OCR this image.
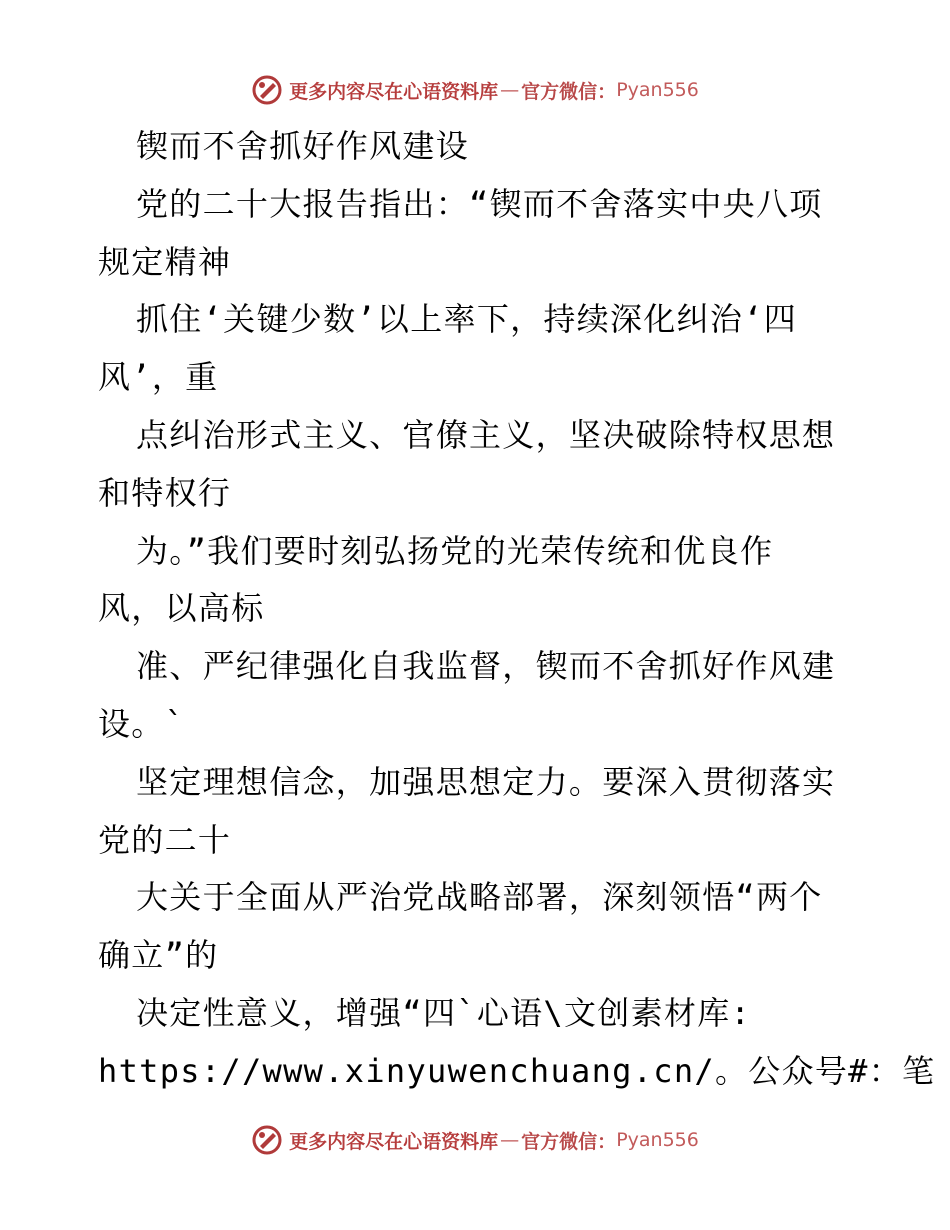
更多内容尽在心语资料库 — 官方微信： Pyan556
锲而不舍抓好作风建设
党的二十大报告指出：“锲而不舍落实中央八项
规定精神
抓住‘关键少数’以上率下，持续深化纠治‘四
风’，重
点纠治形式主义、官僚主义，坚决破除特权思想
和特权行
为。”我们要时刻弘扬党的光荣传统和优良作
风，以高标
准、严纪律强化自我监督，锲而不舍抓好作风建
设。`
坚定理想信念，加强思想定力。要深入贯彻落实
党的二十
大关于全面从严治党战略部署，深刻领悟“两个
确立”的
决定性意义，增强“四`心语\文创素材库:
https://www.xinyuwenchuang.cn/。公众号#：笔
更多内容尽在心语资料库 — 官方微信： Pyan556
